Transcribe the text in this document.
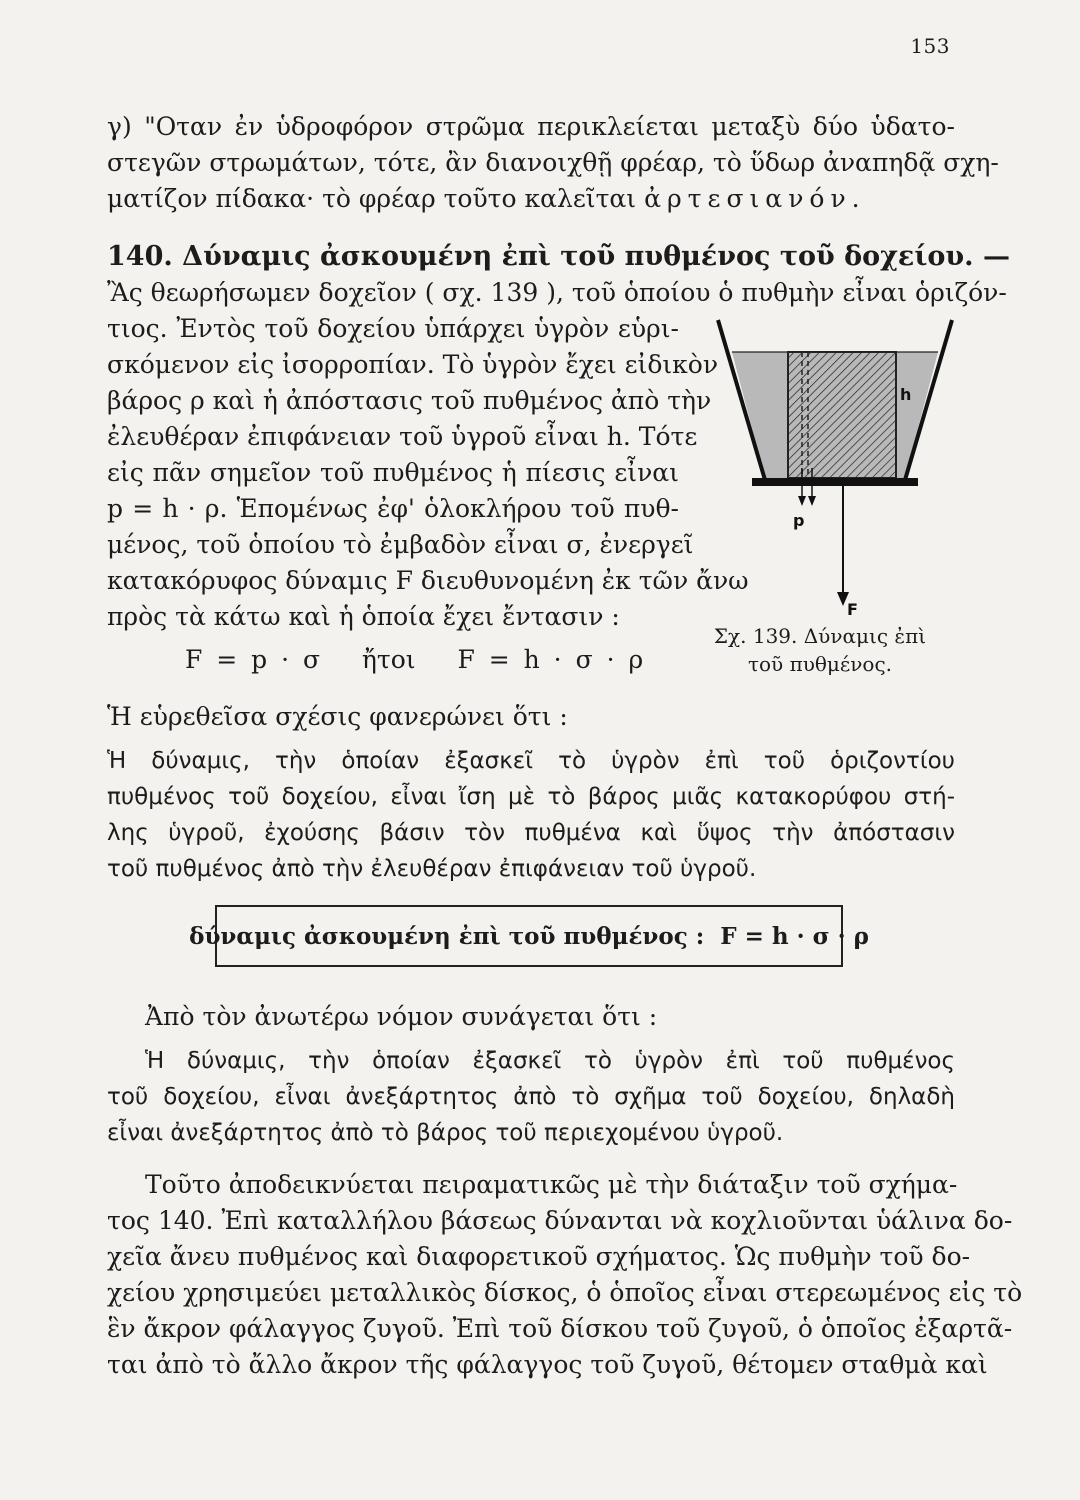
153
γ) "Οταν ἐν ὑδροφόρον στρῶμα περικλείεται μεταξὺ δύο ὑδατο-
στεγῶν στρωμάτων, τότε, ἂν διανοιχθῇ φρέαρ, τὸ ὕδωρ ἀναπηδᾷ σχη-
ματίζον πίδακα· τὸ φρέαρ τοῦτο καλεῖται ἀρτεσιανόν.
140. Δύναμις ἀσκουμένη ἐπὶ τοῦ πυθμένος τοῦ δοχείου. —
Ἂς θεωρήσωμεν δοχεῖον ( σχ. 139 ), τοῦ ὁποίου ὁ πυθμὴν εἶναι ὁριζόν-
τιος. Ἐντὸς τοῦ δοχείου ὑπάρχει ὑγρὸν εὑρι-
σκόμενον εἰς ἰσορροπίαν. Τὸ ὑγρὸν ἔχει εἰδικὸν
βάρος ρ καὶ ἡ ἀπόστασις τοῦ πυθμένος ἀπὸ τὴν
ἐλευθέραν ἐπιφάνειαν τοῦ ὑγροῦ εἶναι h. Τότε
εἰς πᾶν σημεῖον τοῦ πυθμένος ἡ πίεσις εἶναι
p = h · ρ. Ἑπομένως ἐφ' ὁλοκλήρου τοῦ πυθ-
μένος, τοῦ ὁποίου τὸ ἐμβαδὸν εἶναι σ, ἐνεργεῖ
κατακόρυφος δύναμις F διευθυνομένη ἐκ τῶν ἄνω
πρὸς τὰ κάτω καὶ ἡ ὁποία ἔχει ἔντασιν :
F = p · σ   ἤτοι   F = h · σ · ρ
h
p
F
Σχ. 139. Δύναμις ἐπὶ
τοῦ πυθμένος.
Ἡ εὑρεθεῖσα σχέσις φανερώνει ὅτι :
Ἡ δύναμις, τὴν ὁποίαν ἐξασκεῖ τὸ ὑγρὸν ἐπὶ τοῦ ὁριζοντίου
πυθμένος τοῦ δοχείου, εἶναι ἴση μὲ τὸ βάρος μιᾶς κατακορύφου στή-
λης ὑγροῦ, ἐχούσης βάσιν τὸν πυθμένα καὶ ὕψος τὴν ἀπόστασιν
τοῦ πυθμένος ἀπὸ τὴν ἐλευθέραν ἐπιφάνειαν τοῦ ὑγροῦ.
δύναμις ἀσκουμένη ἐπὶ τοῦ πυθμένος :  F = h · σ · ρ
Ἀπὸ τὸν ἀνωτέρω νόμον συνάγεται ὅτι :
Ἡ δύναμις, τὴν ὁποίαν ἐξασκεῖ τὸ ὑγρὸν ἐπὶ τοῦ πυθμένος
τοῦ δοχείου, εἶναι ἀνεξάρτητος ἀπὸ τὸ σχῆμα τοῦ δοχείου, δηλαδὴ
εἶναι ἀνεξάρτητος ἀπὸ τὸ βάρος τοῦ περιεχομένου ὑγροῦ.
Τοῦτο ἀποδεικνύεται πειραματικῶς μὲ τὴν διάταξιν τοῦ σχήμα-
τος 140. Ἐπὶ καταλλήλου βάσεως δύνανται νὰ κοχλιοῦνται ὑάλινα δο-
χεῖα ἄνευ πυθμένος καὶ διαφορετικοῦ σχήματος. Ὡς πυθμὴν τοῦ δο-
χείου χρησιμεύει μεταλλικὸς δίσκος, ὁ ὁποῖος εἶναι στερεωμένος εἰς τὸ
ἓν ἄκρον φάλαγγος ζυγοῦ. Ἐπὶ τοῦ δίσκου τοῦ ζυγοῦ, ὁ ὁποῖος ἐξαρτᾶ-
ται ἀπὸ τὸ ἄλλο ἄκρον τῆς φάλαγγος τοῦ ζυγοῦ, θέτομεν σταθμὰ καὶ
